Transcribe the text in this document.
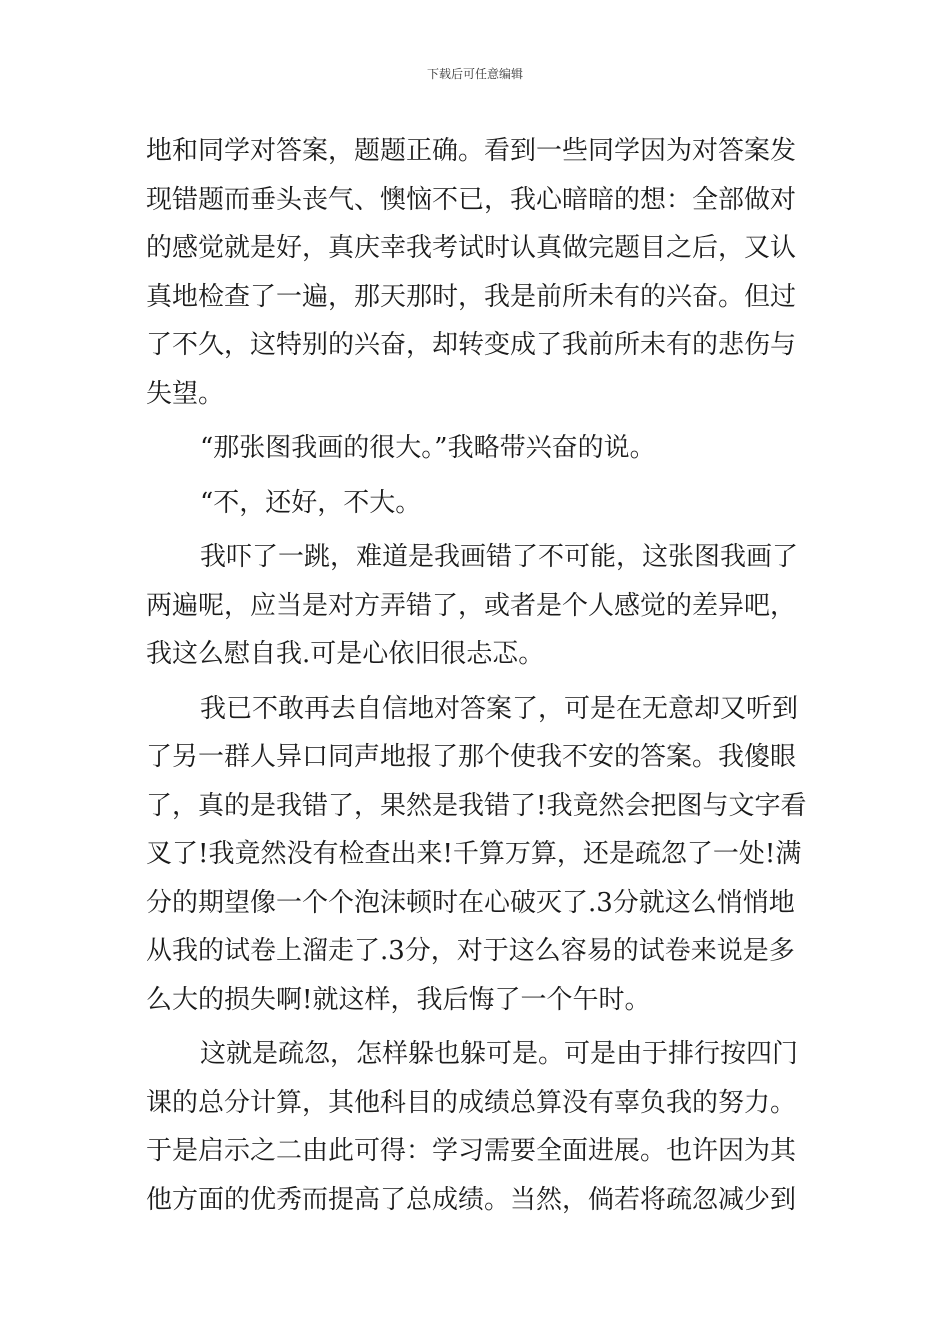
下载后可任意编辑
地和同学对答案，题题正确。看到一些同学因为对答案发
现错题而垂头丧气、懊恼不已，我心暗暗的想：全部做对
的感觉就是好，真庆幸我考试时认真做完题目之后，又认
真地检查了一遍，那天那时，我是前所未有的兴奋。但过
了不久，这特别的兴奋，却转变成了我前所未有的悲伤与
失望。
“那张图我画的很大。”我略带兴奋的说。
“不，还好，不大。
我吓了一跳，难道是我画错了不可能，这张图我画了
两遍呢，应当是对方弄错了，或者是个人感觉的差异吧，
我这么慰自我.可是心依旧很忐忑。
我已不敢再去自信地对答案了，可是在无意却又听到
了另一群人异口同声地报了那个使我不安的答案。我傻眼
了，真的是我错了，果然是我错了!我竟然会把图与文字看
叉了!我竟然没有检查出来!千算万算，还是疏忽了一处!满
分的期望像一个个泡沫顿时在心破灭了.3分就这么悄悄地
从我的试卷上溜走了.3分，对于这么容易的试卷来说是多
么大的损失啊!就这样，我后悔了一个午时。
这就是疏忽，怎样躲也躲可是。可是由于排行按四门
课的总分计算，其他科目的成绩总算没有辜负我的努力。
于是启示之二由此可得：学习需要全面进展。也许因为其
他方面的优秀而提高了总成绩。当然，倘若将疏忽减少到
